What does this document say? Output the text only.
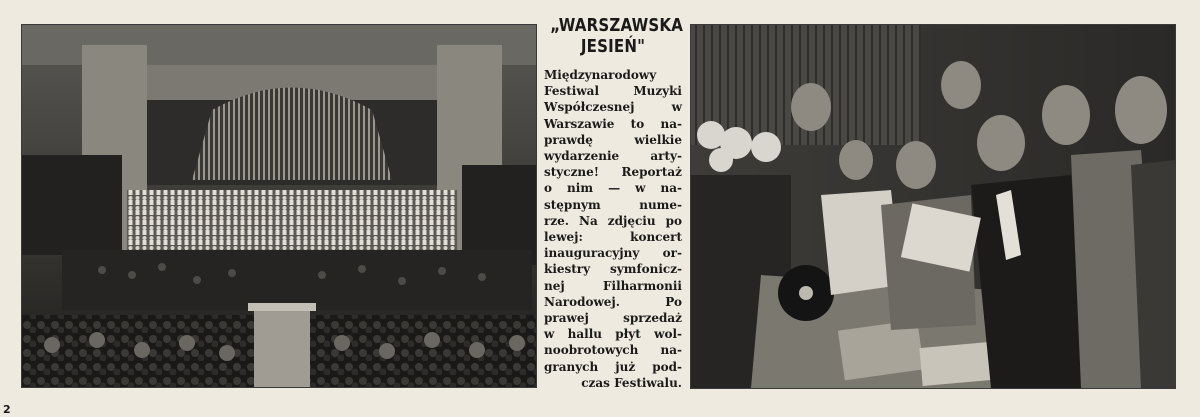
„WARSZAWSKA
JESIEŃ"
Międzynarodowy
Festiwal Muzyki
Współczesnej w
Warszawie to na-
prawdę wielkie
wydarzenie arty-
styczne! Reportaż
o nim — w na-
stępnym nume-
rze. Na zdjęciu po
lewej: koncert
inauguracyjny or-
kiestry symfonicz-
nej Filharmonii
Narodowej. Po
prawej sprzedaż
w hallu płyt wol-
noobrotowych na-
granych już pod-
czas Festiwalu.
2
